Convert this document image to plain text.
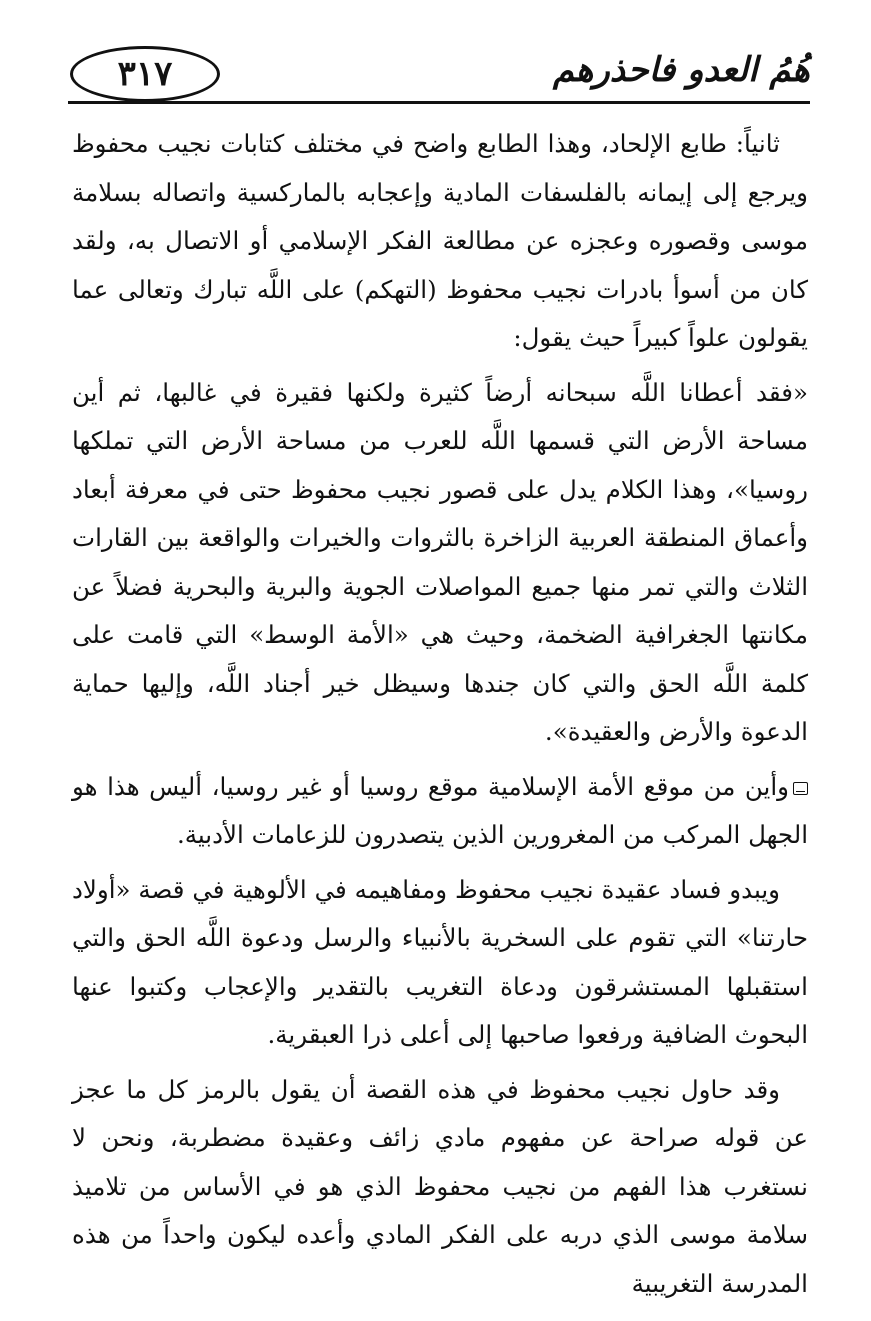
٣١٧	هُمُ العدو فاحذرهم

ثانياً: طابع الإلحاد، وهذا الطابع واضح في مختلف كتابات نجيب محفوظ ويرجع إلى إيمانه بالفلسفات المادية وإعجابه بالماركسية واتصاله بسلامة موسى وقصوره وعجزه عن مطالعة الفكر الإسلامي أو الاتصال به، ولقد كان من أسوأ بادرات نجيب محفوظ (التهكم) على اللَّه تبارك وتعالى عما يقولون علواً كبيراً حيث يقول:

«فقد أعطانا اللَّه سبحانه أرضاً كثيرة ولكنها فقيرة في غالبها، ثم أين مساحة الأرض التي قسمها اللَّه للعرب من مساحة الأرض التي تملكها روسيا»، وهذا الكلام يدل على قصور نجيب محفوظ حتى في معرفة أبعاد وأعماق المنطقة العربية الزاخرة بالثروات والخيرات والواقعة بين القارات الثلاث والتي تمر منها جميع المواصلات الجوية والبرية والبحرية فضلاً عن مكانتها الجغرافية الضخمة، وحيث هي «الأمة الوسط» التي قامت على كلمة اللَّه الحق والتي كان جندها وسيظل خير أجناد اللَّه، وإليها حماية الدعوة والأرض والعقيدة».

وأين من موقع الأمة الإسلامية موقع روسيا أو غير روسيا، أليس هذا هو الجهل المركب من المغرورين الذين يتصدرون للزعامات الأدبية.

ويبدو فساد عقيدة نجيب محفوظ ومفاهيمه في الألوهية في قصة «أولاد حارتنا» التي تقوم على السخرية بالأنبياء والرسل ودعوة اللَّه الحق والتي استقبلها المستشرقون ودعاة التغريب بالتقدير والإعجاب وكتبوا عنها البحوث الضافية ورفعوا صاحبها إلى أعلى ذرا العبقرية.

وقد حاول نجيب محفوظ في هذه القصة أن يقول بالرمز كل ما عجز عن قوله صراحة عن مفهوم مادي زائف وعقيدة مضطربة، ونحن لا نستغرب هذا الفهم من نجيب محفوظ الذي هو في الأساس من تلاميذ سلامة موسى الذي دربه على الفكر المادي وأعده ليكون واحداً من هذه المدرسة التغريبية
